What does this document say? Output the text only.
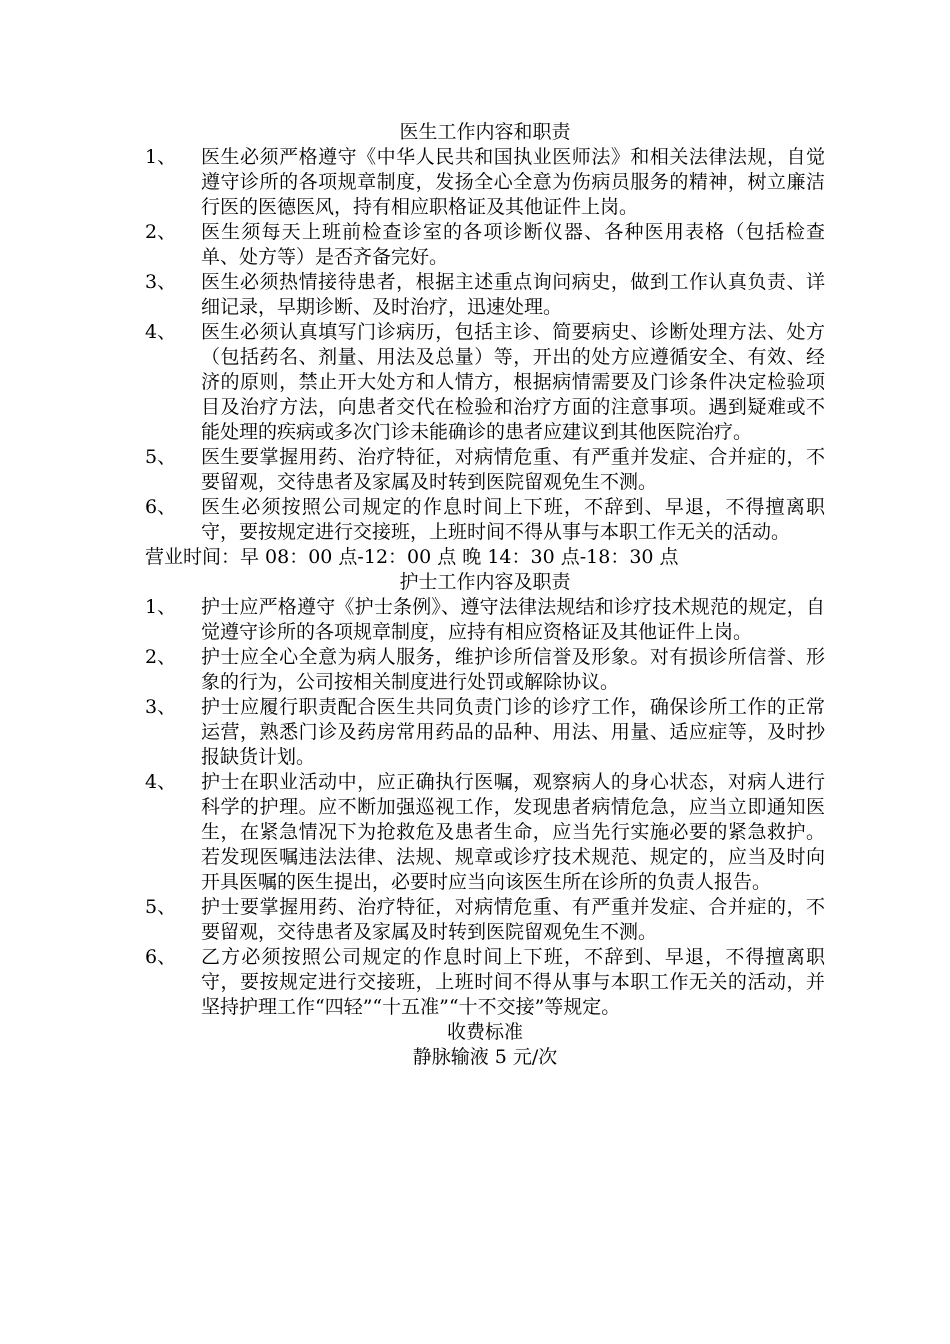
医生工作内容和职责

1、	医生必须严格遵守《中华人民共和国执业医师法》和相关法律法规，自觉遵守诊所的各项规章制度，发扬全心全意为伤病员服务的精神，树立廉洁行医的医德医风，持有相应职格证及其他证件上岗。
2、	医生须每天上班前检查诊室的各项诊断仪器、各种医用表格（包括检查单、处方等）是否齐备完好。
3、	医生必须热情接待患者，根据主述重点询问病史，做到工作认真负责、详细记录，早期诊断、及时治疗，迅速处理。
4、	医生必须认真填写门诊病历，包括主诊、简要病史、诊断处理方法、处方（包括药名、剂量、用法及总量）等，开出的处方应遵循安全、有效、经济的原则，禁止开大处方和人情方，根据病情需要及门诊条件决定检验项目及治疗方法，向患者交代在检验和治疗方面的注意事项。遇到疑难或不能处理的疾病或多次门诊未能确诊的患者应建议到其他医院治疗。
5、	医生要掌握用药、治疗特征，对病情危重、有严重并发症、合并症的，不要留观，交待患者及家属及时转到医院留观免生不测。
6、	医生必须按照公司规定的作息时间上下班，不辞到、早退，不得擅离职守，要按规定进行交接班，上班时间不得从事与本职工作无关的活动。

营业时间：早 08：00 点-12：00 点 晚 14：30 点-18：30 点

护士工作内容及职责

1、	护士应严格遵守《护士条例》、遵守法律法规结和诊疗技术规范的规定，自觉遵守诊所的各项规章制度，应持有相应资格证及其他证件上岗。
2、	护士应全心全意为病人服务，维护诊所信誉及形象。对有损诊所信誉、形象的行为，公司按相关制度进行处罚或解除协议。
3、	护士应履行职责配合医生共同负责门诊的诊疗工作，确保诊所工作的正常运营，熟悉门诊及药房常用药品的品种、用法、用量、适应症等，及时抄报缺货计划。
4、	护士在职业活动中，应正确执行医嘱，观察病人的身心状态，对病人进行科学的护理。应不断加强巡视工作，发现患者病情危急，应当立即通知医生，在紧急情况下为抢救危及患者生命，应当先行实施必要的紧急救护。若发现医嘱违法法律、法规、规章或诊疗技术规范、规定的，应当及时向开具医嘱的医生提出，必要时应当向该医生所在诊所的负责人报告。
5、	护士要掌握用药、治疗特征，对病情危重、有严重并发症、合并症的，不要留观，交待患者及家属及时转到医院留观免生不测。
6、	乙方必须按照公司规定的作息时间上下班，不辞到、早退，不得擅离职守，要按规定进行交接班，上班时间不得从事与本职工作无关的活动，并坚持护理工作“四轻”“十五准”“十不交接”等规定。

收费标准

静脉输液 5 元/次
